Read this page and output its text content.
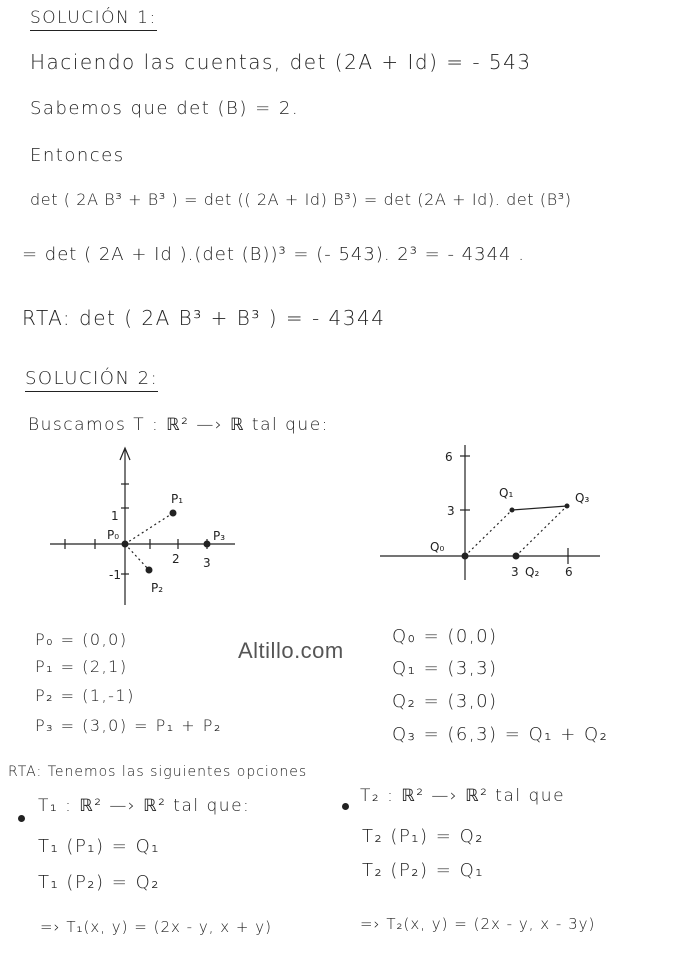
SOLUCIÓN 1:
Haciendo las cuentas, det (2A + Id) = - 543
Sabemos que det (B) = 2.
Entonces
det ( 2A B³ + B³ ) = det (( 2A + Id) B³) = det (2A + Id). det (B³)
= det ( 2A + Id ).(det (B))³ = (- 543). 2³ = - 4344 .
RTA: det ( 2A B³ + B³ ) = - 4344
SOLUCIÓN 2:
Buscamos T : ℝ² —› ℝ tal que:
2 3
1
-1
P₀
P₁
P₂
P₃
6
3
3	6
Q₀
Q₁
Q₂
Q₃
P₀ = (0,0)
P₁ = (2,1)
P₂ = (1,-1)
P₃ = (3,0) = P₁ + P₂
Q₀ = (0,0)
Q₁ = (3,3)
Q₂ = (3,0)
Q₃ = (6,3) = Q₁ + Q₂
Altillo.com
RTA: Tenemos las siguientes opciones
T₁ : ℝ² —› ℝ² tal que:
T₁ (P₁) = Q₁
T₁ (P₂) = Q₂
=› T₁(x, y) = (2x - y, x + y)
T₂ : ℝ² —› ℝ² tal que
T₂ (P₁) = Q₂
T₂ (P₂) = Q₁
=› T₂(x, y) = (2x - y, x - 3y)
